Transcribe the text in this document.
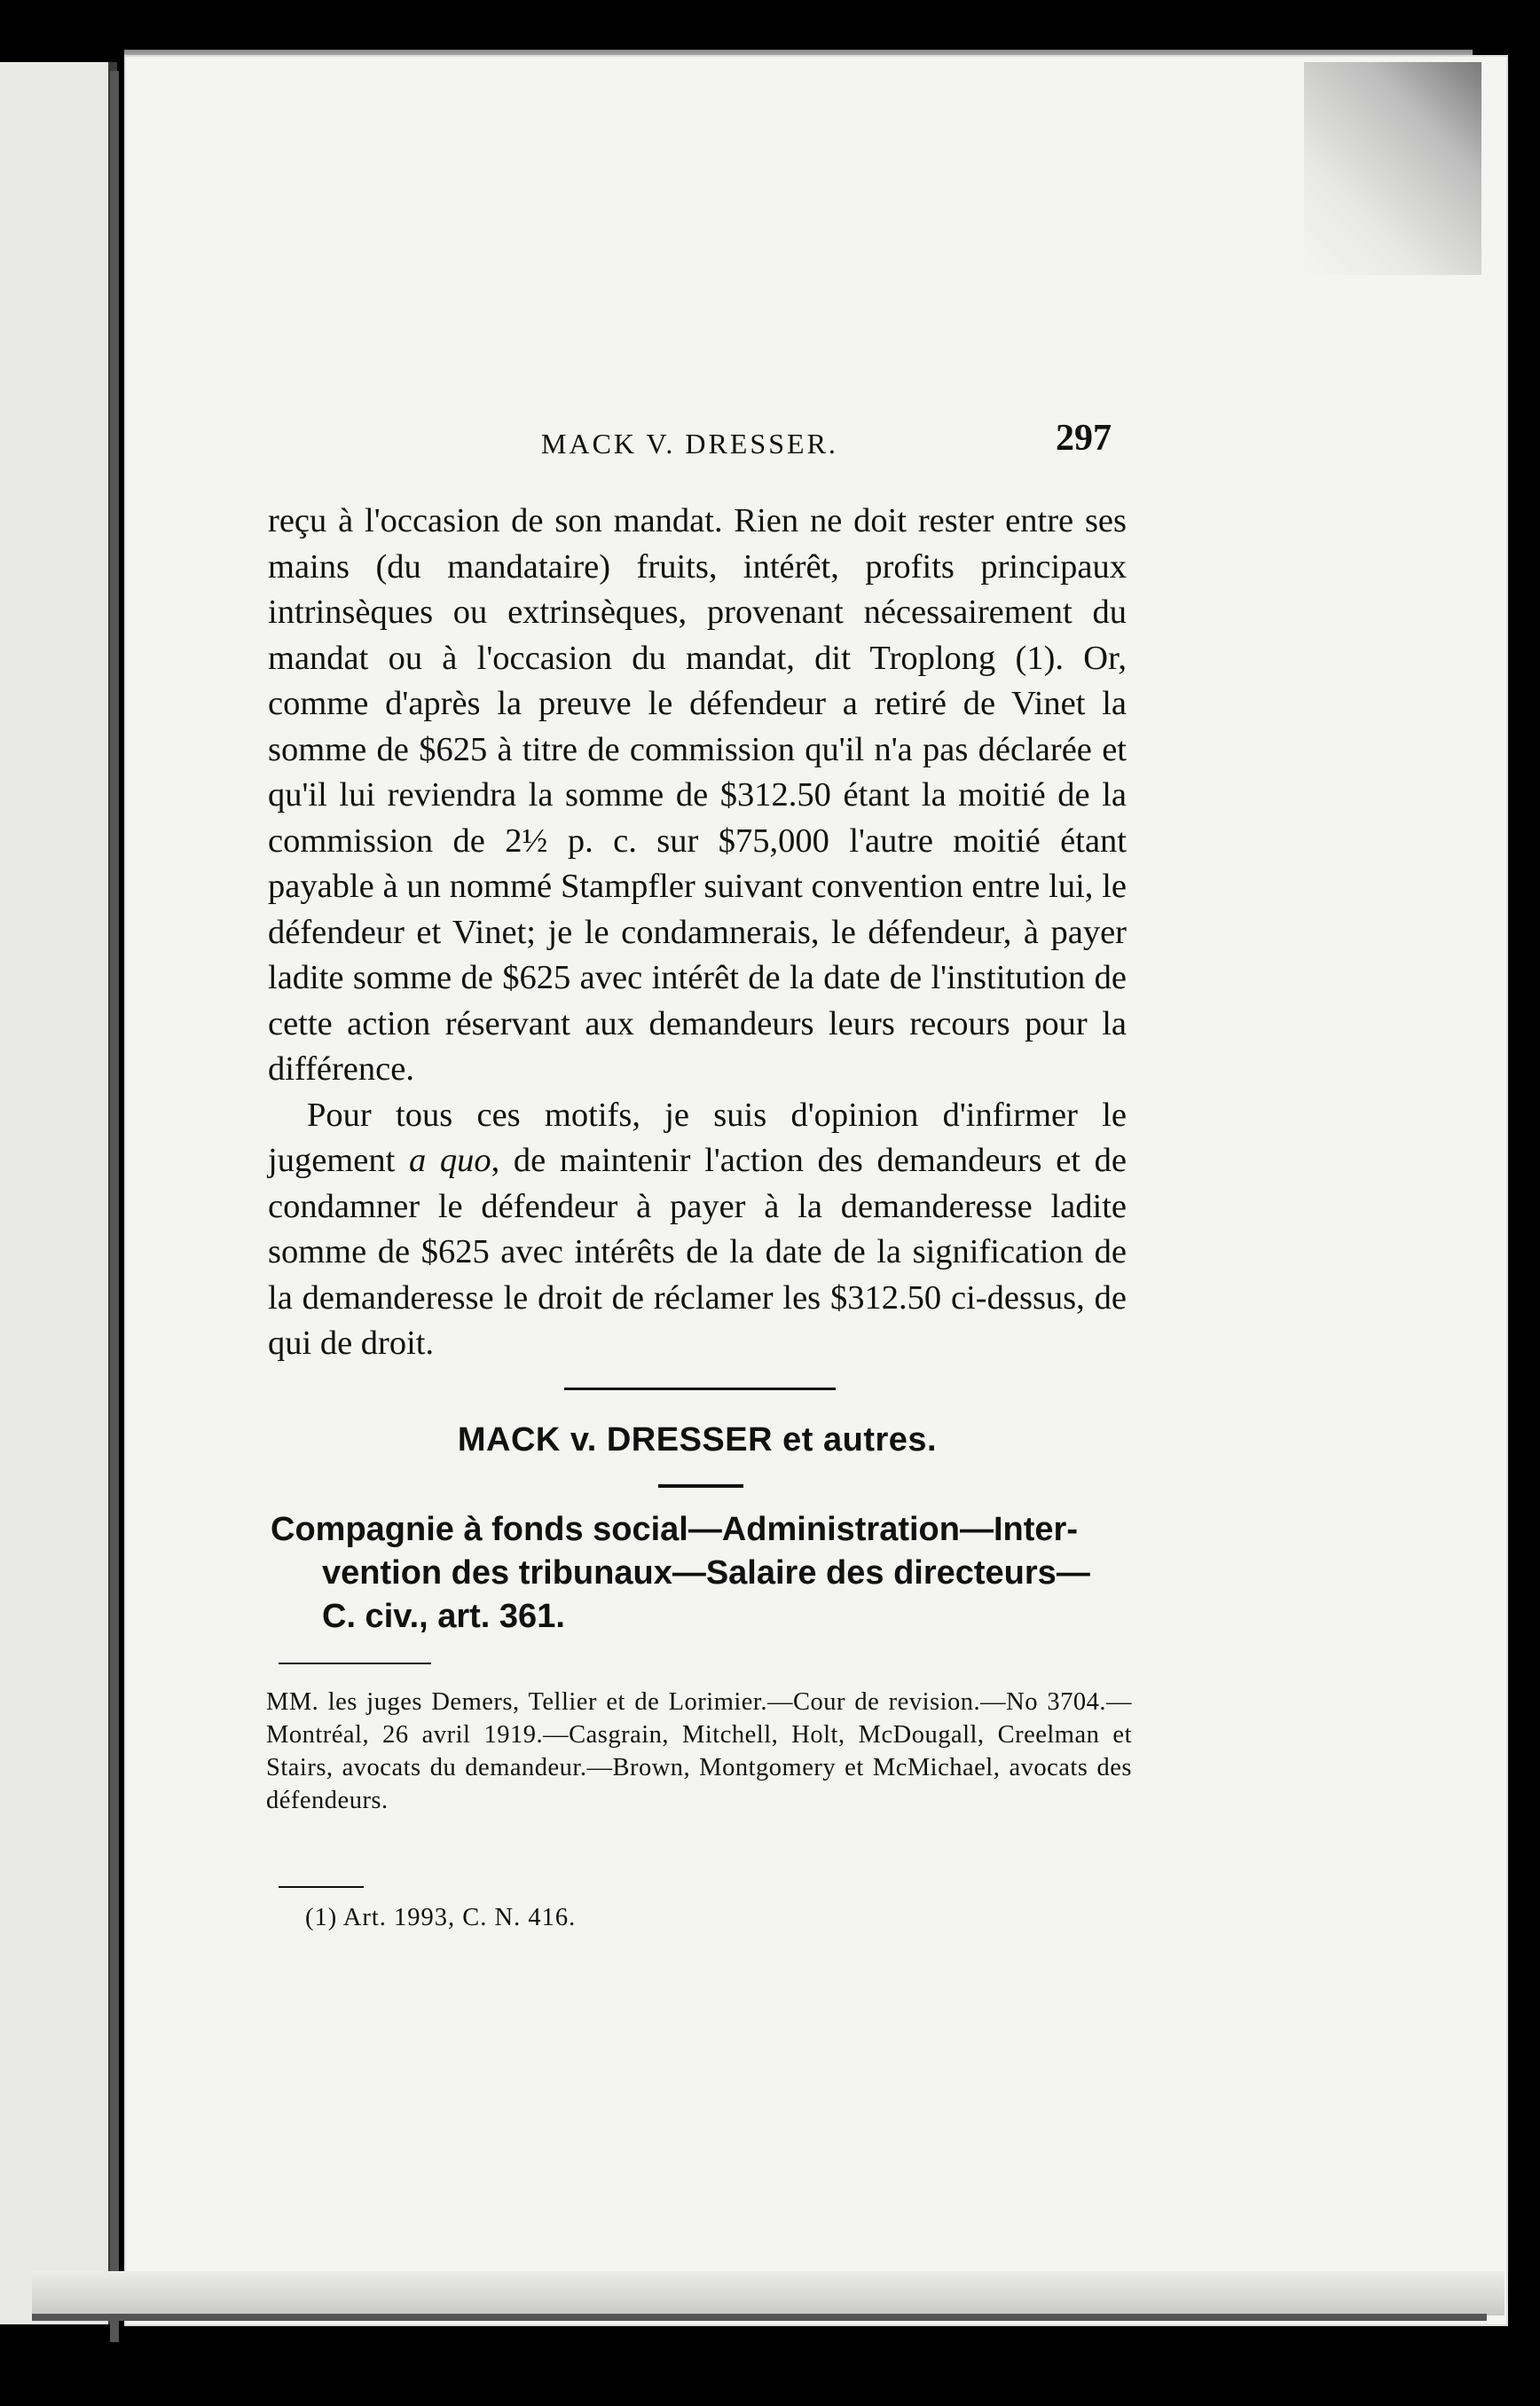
MACK V. DRESSER.	297

reçu à l'occasion de son mandat. Rien ne doit rester entre ses mains (du mandataire) fruits, intérêt, profits principaux intrinsèques ou extrinsèques, provenant nécessairement du mandat ou à l'occasion du mandat, dit Troplong (1). Or, comme d'après la preuve le défendeur a retiré de Vinet la somme de $625 à titre de commission qu'il n'a pas déclarée et qu'il lui reviendra la somme de $312.50 étant la moitié de la commission de 2½ p. c. sur $75,000 l'autre moitié étant payable à un nommé Stampfler suivant convention entre lui, le défendeur et Vinet; je le condamnerais, le défendeur, à payer ladite somme de $625 avec intérêt de la date de l'institution de cette action réservant aux demandeurs leurs recours pour la différence.

Pour tous ces motifs, je suis d'opinion d'infirmer le jugement a quo, de maintenir l'action des demandeurs et de condamner le défendeur à payer à la demanderesse ladite somme de $625 avec intérêts de la date de la signification de la demanderesse le droit de réclamer les $312.50 ci-dessus, de qui de droit.

MACK v. DRESSER et autres.
Compagnie à fonds social—Administration—Inter-
vention des tribunaux—Salaire des directeurs—
C. civ., art. 361.
MM. les juges Demers, Tellier et de Lorimier.—Cour de revision.—No 3704.—Montréal, 26 avril 1919.—Casgrain, Mitchell, Holt, McDougall, Creelman et Stairs, avocats du demandeur.—Brown, Montgomery et McMichael, avocats des défendeurs.
(1) Art. 1993, C. N. 416.
